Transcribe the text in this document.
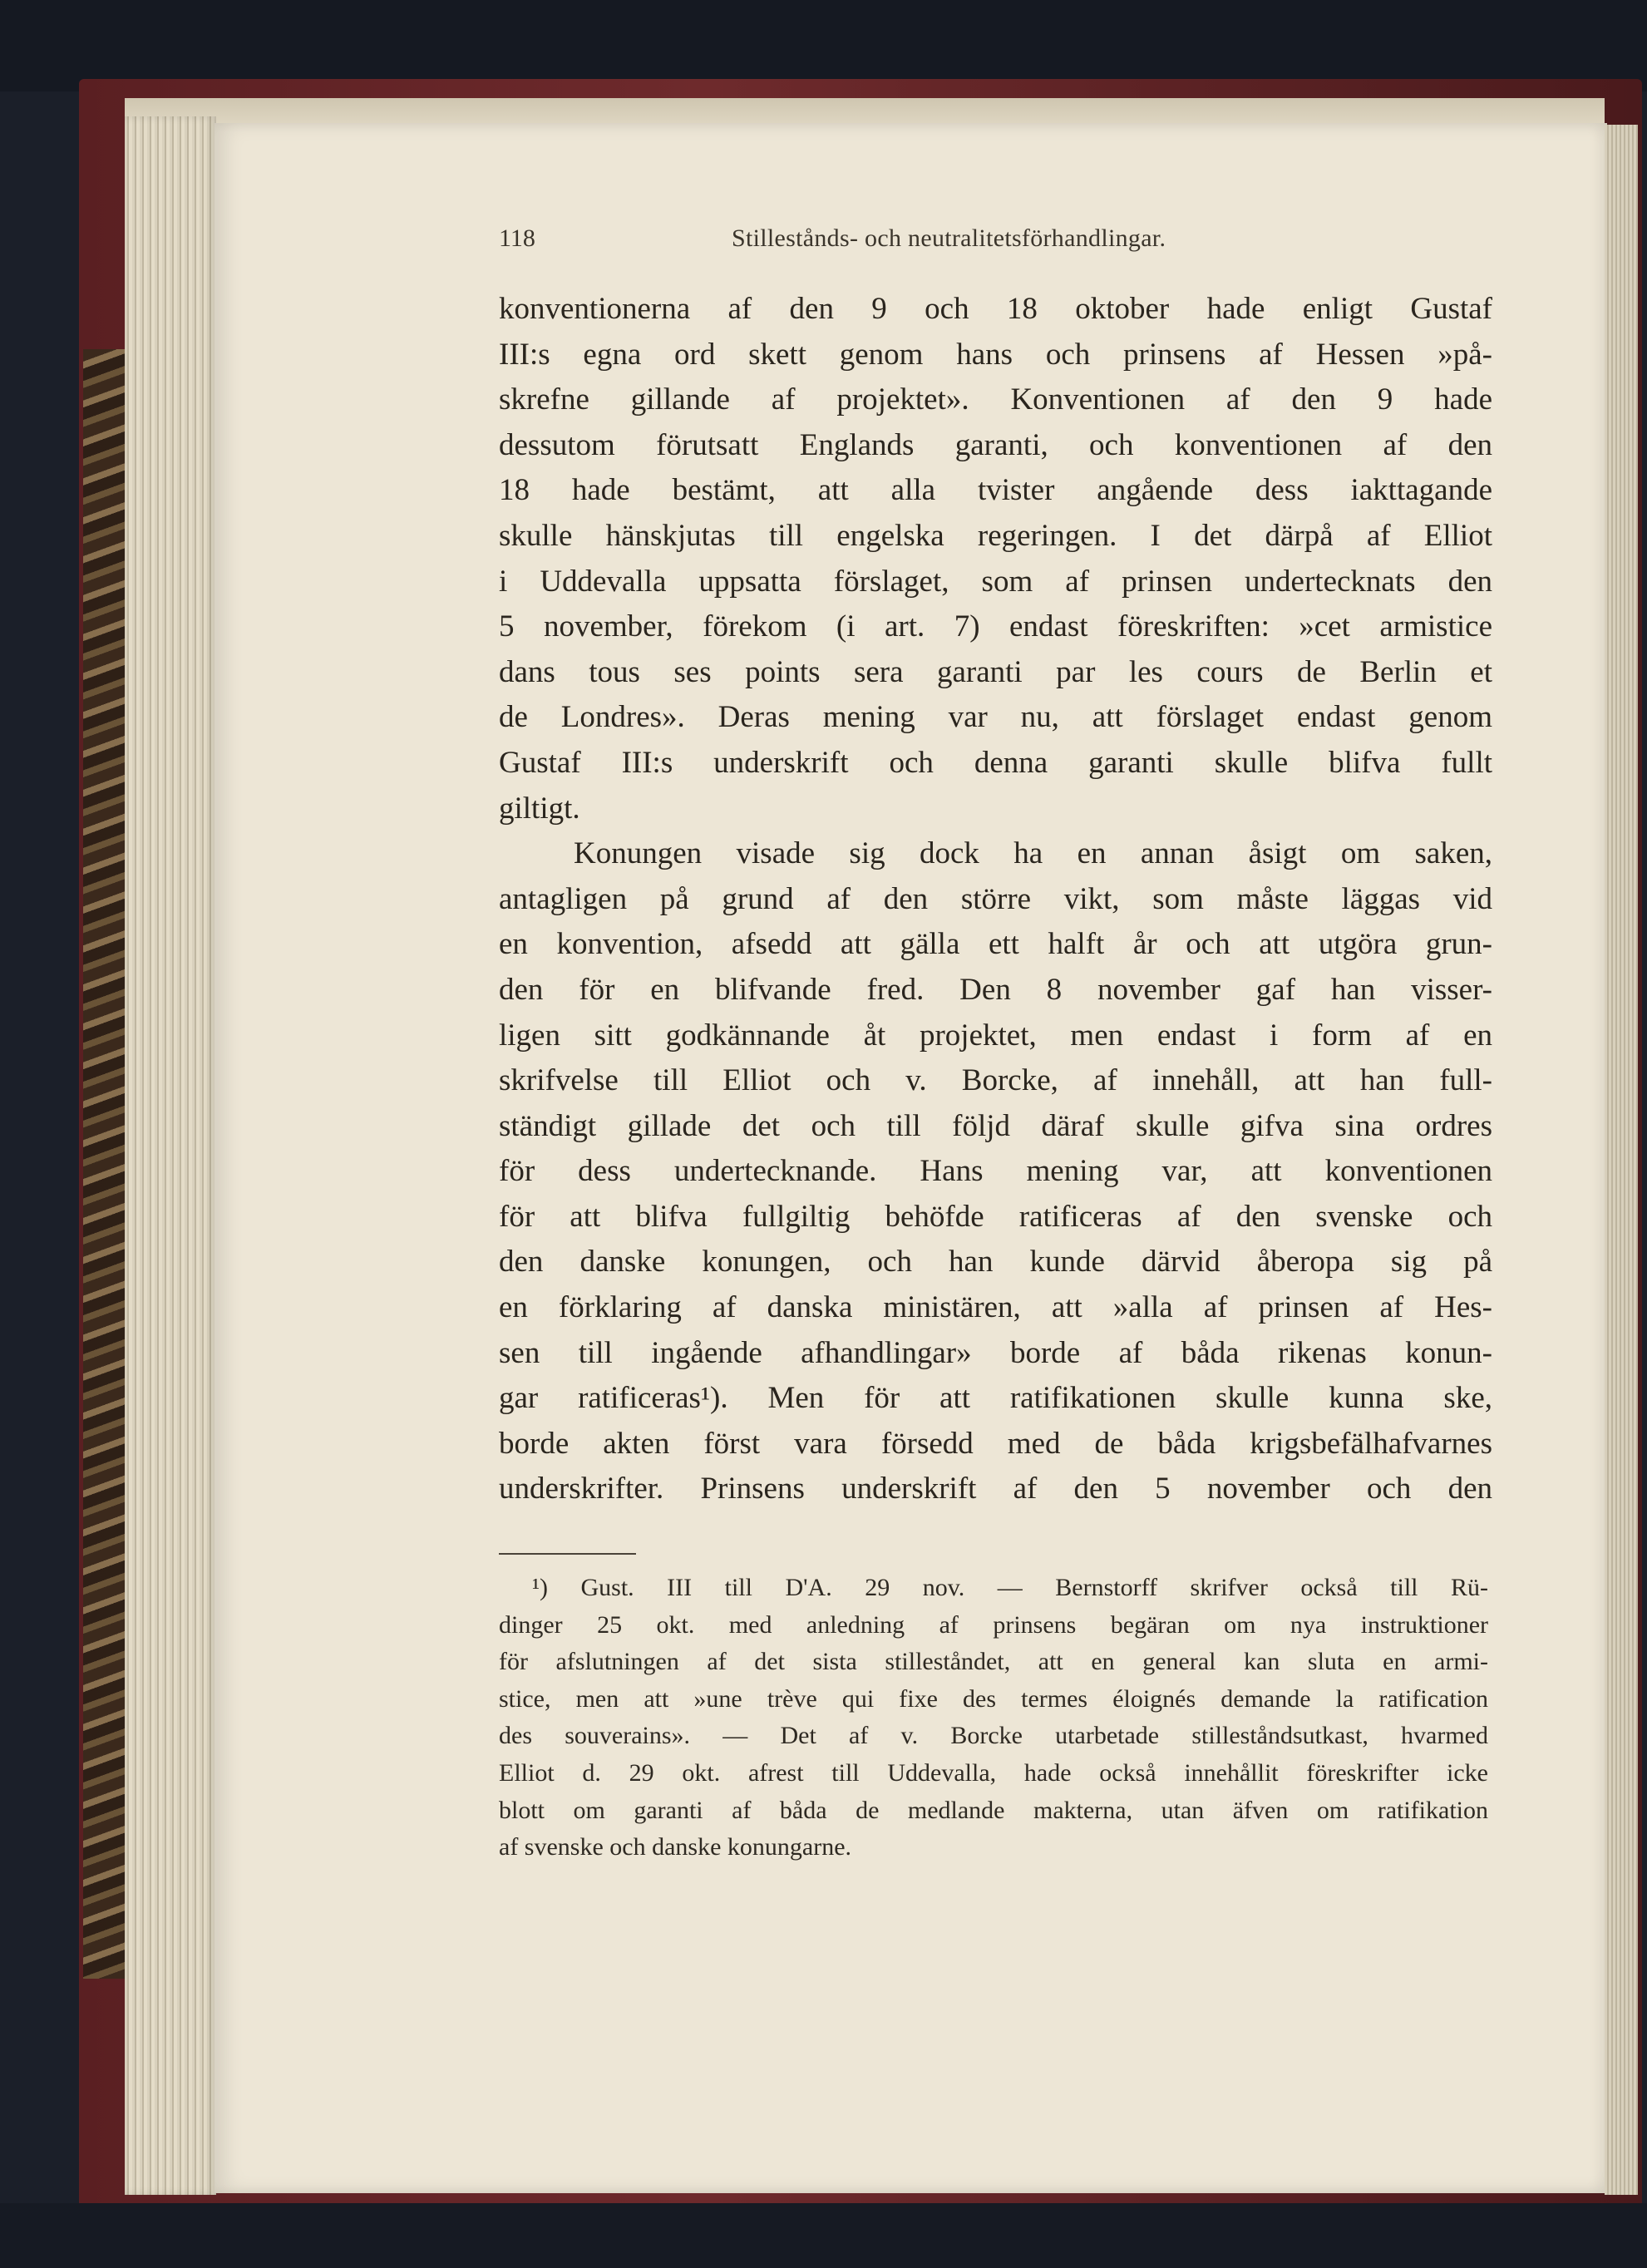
118	Stillestånds- och neutralitetsförhandlingar.
konventionerna af den 9 och 18 oktober hade enligt Gustaf
III:s egna ord skett genom hans och prinsens af Hessen »på-
skrefne gillande af projektet». Konventionen af den 9 hade
dessutom förutsatt Englands garanti, och konventionen af den
18 hade bestämt, att alla tvister angående dess iakttagande
skulle hänskjutas till engelska regeringen. I det därpå af Elliot
i Uddevalla uppsatta förslaget, som af prinsen undertecknats den
5 november, förekom (i art. 7) endast föreskriften: »cet armistice
dans tous ses points sera garanti par les cours de Berlin et
de Londres». Deras mening var nu, att förslaget endast genom
Gustaf III:s underskrift och denna garanti skulle blifva fullt
giltigt.
Konungen visade sig dock ha en annan åsigt om saken,
antagligen på grund af den större vikt, som måste läggas vid
en konvention, afsedd att gälla ett halft år och att utgöra grun-
den för en blifvande fred. Den 8 november gaf han visser-
ligen sitt godkännande åt projektet, men endast i form af en
skrifvelse till Elliot och v. Borcke, af innehåll, att han full-
ständigt gillade det och till följd däraf skulle gifva sina ordres
för dess undertecknande. Hans mening var, att konventionen
för att blifva fullgiltig behöfde ratificeras af den svenske och
den danske konungen, och han kunde därvid åberopa sig på
en förklaring af danska ministären, att »alla af prinsen af Hes-
sen till ingående afhandlingar» borde af båda rikenas konun-
gar ratificeras¹). Men för att ratifikationen skulle kunna ske,
borde akten först vara försedd med de båda krigsbefälhafvarnes
underskrifter. Prinsens underskrift af den 5 november och den
¹) Gust. III till D'A. 29 nov. — Bernstorff skrifver också till Rü-
dinger 25 okt. med anledning af prinsens begäran om nya instruktioner
för afslutningen af det sista stilleståndet, att en general kan sluta en armi-
stice, men att »une trève qui fixe des termes éloignés demande la ratification
des souverains». — Det af v. Borcke utarbetade stilleståndsutkast, hvarmed
Elliot d. 29 okt. afrest till Uddevalla, hade också innehållit föreskrifter icke
blott om garanti af båda de medlande makterna, utan äfven om ratifikation
af svenske och danske konungarne.
